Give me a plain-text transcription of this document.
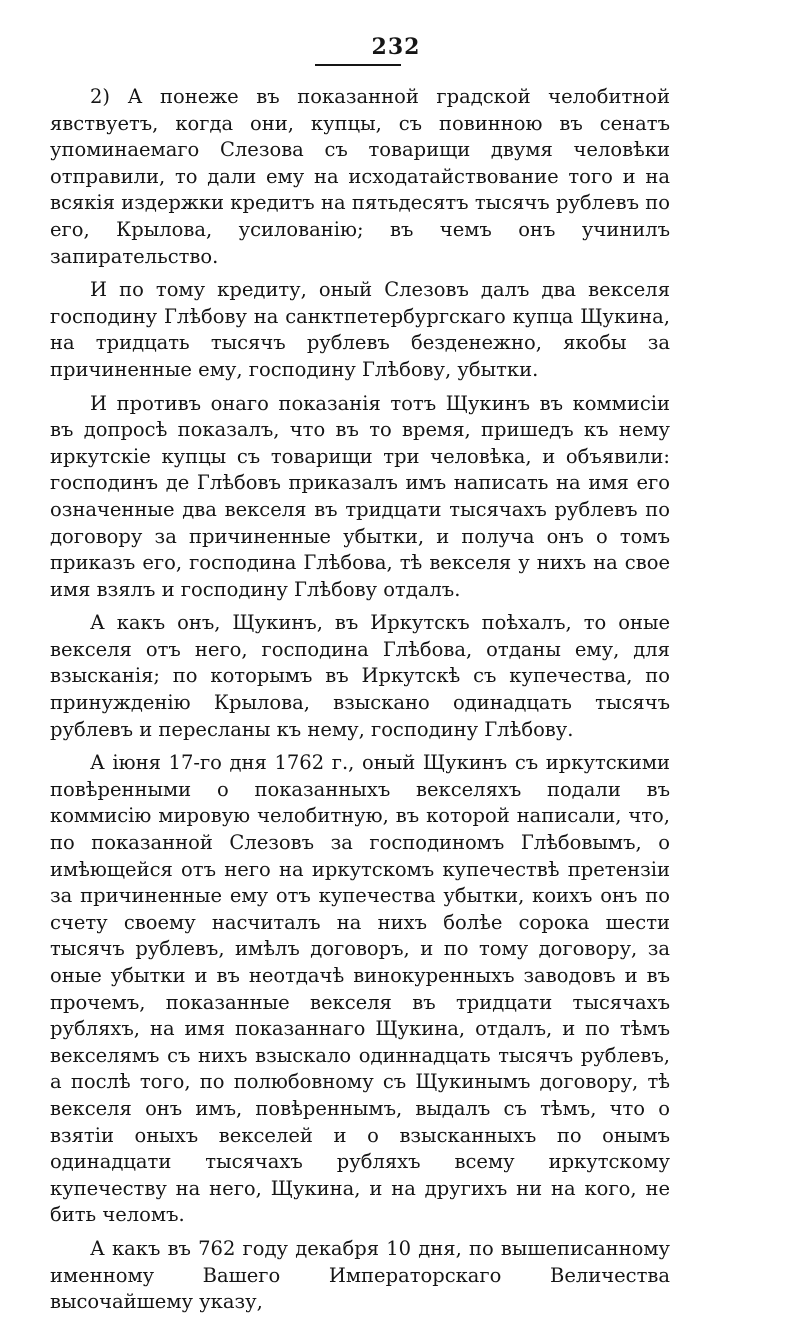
232

2) А понеже въ показанной градской челобитной явствуетъ, когда они, купцы, съ повинною въ сенатъ упоминаемаго Слезова съ товарищи двумя человѣки отправили, то дали ему на исходатайствование того и на всякія издержки кредитъ на пятьдесятъ тысячъ рублевъ по его, Крылова, усилованію; въ чемъ онъ учинилъ запирательство.

И по тому кредиту, оный Слезовъ далъ два векселя господину Глѣбову на санктпетербургскаго купца Щукина, на тридцать тысячъ рублевъ безденежно, якобы за причиненные ему, господину Глѣбову, убытки.

И противъ онаго показанія тотъ Щукинъ въ коммисіи въ допросѣ показалъ, что въ то время, пришедъ къ нему иркутскіе купцы съ товарищи три человѣка, и объявили: господинъ де Глѣбовъ приказалъ имъ написать на имя его означенные два векселя въ тридцати тысячахъ рублевъ по договору за причиненные убытки, и получа онъ о томъ приказъ его, господина Глѣбова, тѣ векселя у нихъ на свое имя взялъ и господину Глѣбову отдалъ.

А какъ онъ, Щукинъ, въ Иркутскъ поѣхалъ, то оные векселя отъ него, господина Глѣбова, отданы ему, для взысканія; по которымъ въ Иркутскѣ съ купечества, по принужденію Крылова, взыскано одинадцать тысячъ рублевъ и пересланы къ нему, господину Глѣбову.

А іюня 17-го дня 1762 г., оный Щукинъ съ иркутскими повѣренными о показанныхъ векселяхъ подали въ коммисію мировую челобитную, въ которой написали, что, по показанной Слезовъ за господиномъ Глѣбовымъ, о имѣющейся отъ него на иркутскомъ купечествѣ претензіи за причиненные ему отъ купечества убытки, коихъ онъ по счету своему насчиталъ на нихъ болѣе сорока шести тысячъ рублевъ, имѣлъ договоръ, и по тому договору, за оные убытки и въ неотдачѣ винокуренныхъ заводовъ и въ прочемъ, показанные векселя въ тридцати тысячахъ рубляхъ, на имя показаннаго Щукина, отдалъ, и по тѣмъ векселямъ съ нихъ взыскало одиннадцать тысячъ рублевъ, а послѣ того, по полюбовному съ Щукинымъ договору, тѣ векселя онъ имъ, повѣреннымъ, выдалъ съ тѣмъ, что о взятіи оныхъ векселей и о взысканныхъ по онымъ одинадцати тысячахъ рубляхъ всему иркутскому купечеству на него, Щукина, и на другихъ ни на кого, не бить челомъ.

А какъ въ 762 году декабря 10 дня, по вышеписанному именному Вашего Императорскаго Величества высочайшему указу,
